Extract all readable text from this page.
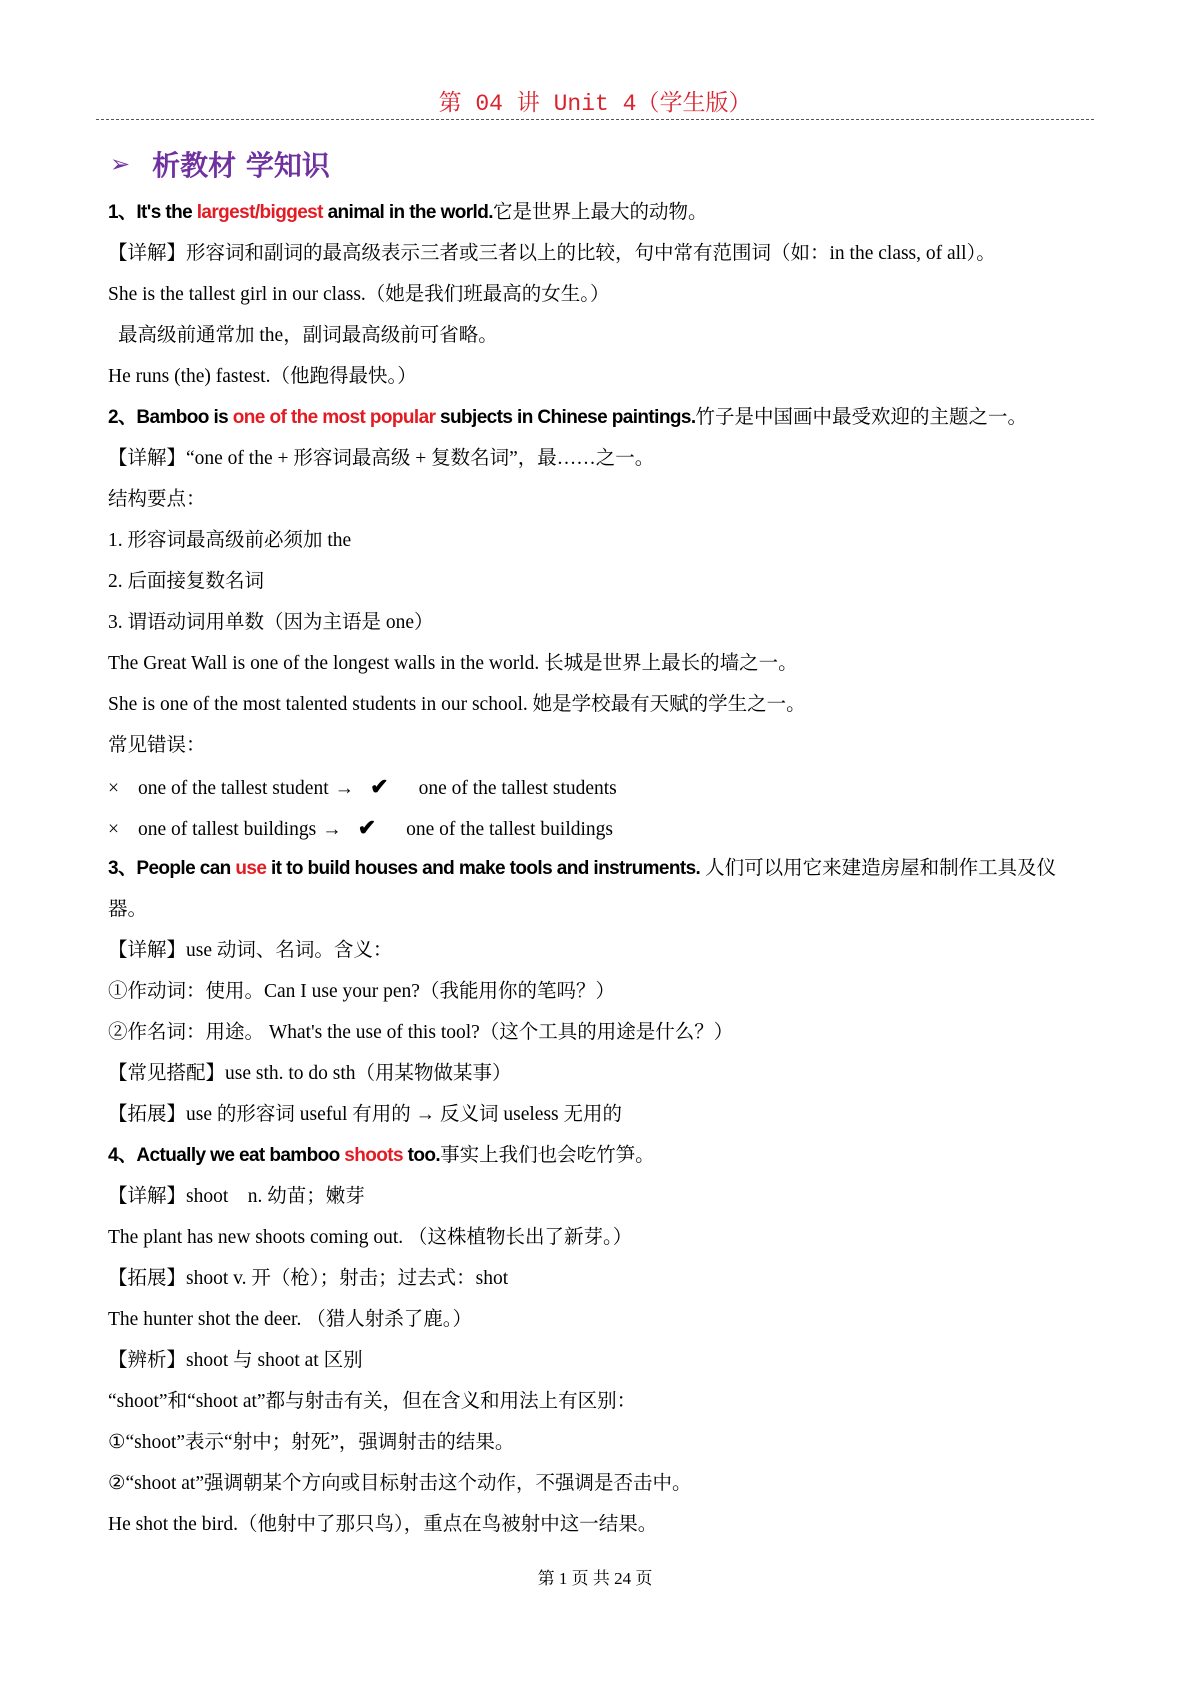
第 04 讲 Unit 4（学生版）
➢ 析教材 学知识
1、It's the largest/biggest animal in the world.它是世界上最大的动物。
【详解】形容词和副词的最高级表示三者或三者以上的比较，句中常有范围词（如：in the class, of all）。
She is the tallest girl in our class.（她是我们班最高的女生。）
最高级前通常加 the，副词最高级前可省略。
He runs (the) fastest.（他跑得最快。）
2、Bamboo is one of the most popular subjects in Chinese paintings.竹子是中国画中最受欢迎的主题之一。
【详解】“one of the + 形容词最高级 + 复数名词”，最……之一。
结构要点：
1. 形容词最高级前必须加 the
2. 后面接复数名词
3. 谓语动词用单数（因为主语是 one）
The Great Wall is one of the longest walls in the world. 长城是世界上最长的墙之一。
She is one of the most talented students in our school. 她是学校最有天赋的学生之一。
常见错误：
× one of the tallest student → ✔ one of the tallest students
× one of tallest buildings → ✔ one of the tallest buildings
3、People can use it to build houses and make tools and instruments. 人们可以用它来建造房屋和制作工具及仪器。
【详解】use 动词、名词。含义：
①作动词：使用。Can I use your pen?（我能用你的笔吗？）
②作名词：用途。 What's the use of this tool?（这个工具的用途是什么？）
【常见搭配】use sth. to do sth（用某物做某事）
【拓展】use 的形容词 useful 有用的 → 反义词 useless 无用的
4、Actually we eat bamboo shoots too.事实上我们也会吃竹笋。
【详解】shoot    n. 幼苗；嫩芽
The plant has new shoots coming out. （这株植物长出了新芽。）
【拓展】shoot v. 开（枪）；射击；过去式：shot
The hunter shot the deer. （猎人射杀了鹿。）
【辨析】shoot 与 shoot at 区别
“shoot”和“shoot at”都与射击有关，但在含义和用法上有区别：
①“shoot”表示“射中；射死”，强调射击的结果。
②“shoot at”强调朝某个方向或目标射击这个动作，不强调是否击中。
He shot the bird.（他射中了那只鸟），重点在鸟被射中这一结果。
第 1 页 共 24 页
